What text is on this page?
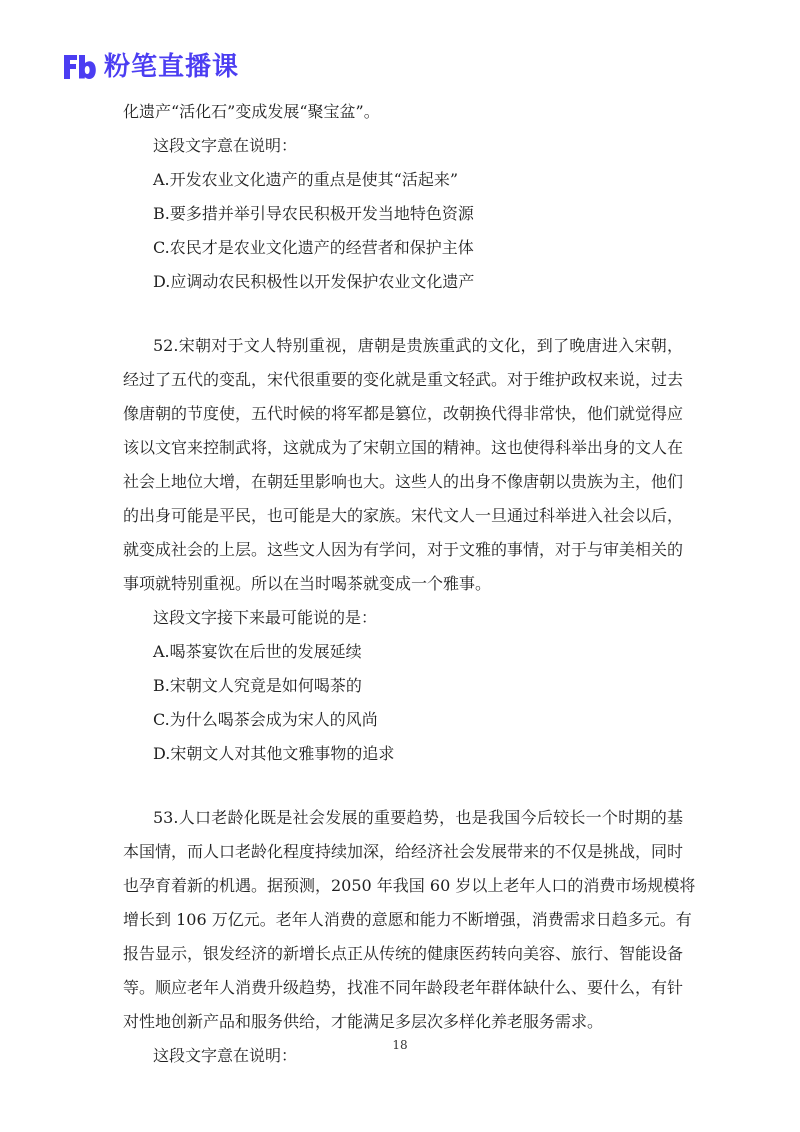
粉笔直播课
化遗产“活化石”变成发展“聚宝盆”。
这段文字意在说明：
A.开发农业文化遗产的重点是使其“活起来”
B.要多措并举引导农民积极开发当地特色资源
C.农民才是农业文化遗产的经营者和保护主体
D.应调动农民积极性以开发保护农业文化遗产
52.宋朝对于文人特别重视，唐朝是贵族重武的文化，到了晚唐进入宋朝，
经过了五代的变乱，宋代很重要的变化就是重文轻武。对于维护政权来说，过去
像唐朝的节度使，五代时候的将军都是篡位，改朝换代得非常快，他们就觉得应
该以文官来控制武将，这就成为了宋朝立国的精神。这也使得科举出身的文人在
社会上地位大增，在朝廷里影响也大。这些人的出身不像唐朝以贵族为主，他们
的出身可能是平民，也可能是大的家族。宋代文人一旦通过科举进入社会以后，
就变成社会的上层。这些文人因为有学问，对于文雅的事情，对于与审美相关的
事项就特别重视。所以在当时喝茶就变成一个雅事。
这段文字接下来最可能说的是：
A.喝茶宴饮在后世的发展延续
B.宋朝文人究竟是如何喝茶的
C.为什么喝茶会成为宋人的风尚
D.宋朝文人对其他文雅事物的追求
53.人口老龄化既是社会发展的重要趋势，也是我国今后较长一个时期的基
本国情，而人口老龄化程度持续加深，给经济社会发展带来的不仅是挑战，同时
也孕育着新的机遇。据预测，2050 年我国 60 岁以上老年人口的消费市场规模将
增长到 106 万亿元。老年人消费的意愿和能力不断增强，消费需求日趋多元。有
报告显示，银发经济的新增长点正从传统的健康医药转向美容、旅行、智能设备
等。顺应老年人消费升级趋势，找准不同年龄段老年群体缺什么、要什么，有针
对性地创新产品和服务供给，才能满足多层次多样化养老服务需求。
这段文字意在说明：
18
